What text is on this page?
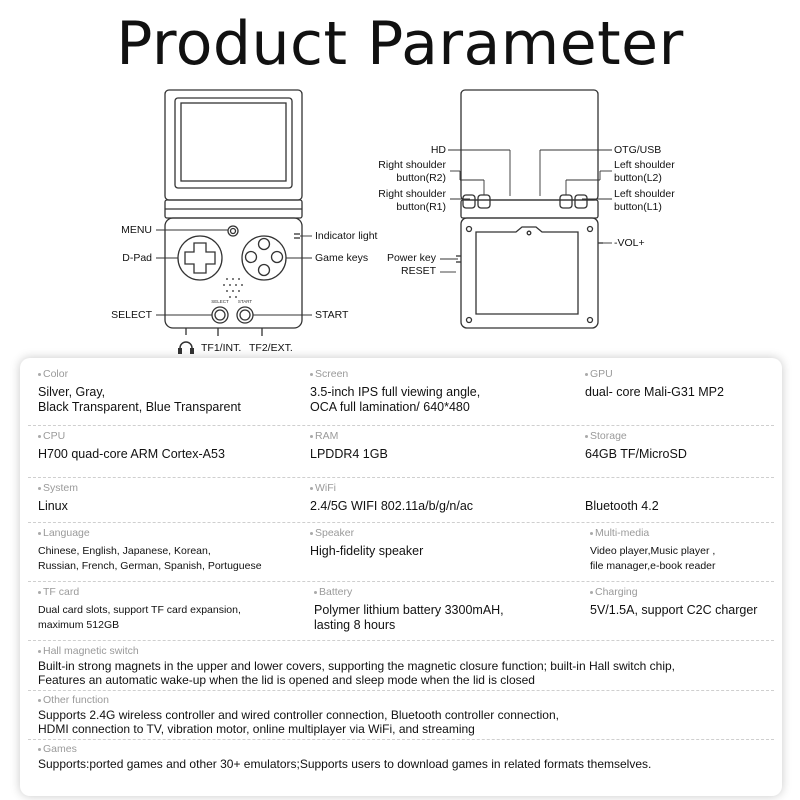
Product Parameter
SELECT START
MENU
D-Pad
SELECT
Indicator light
Game keys
START
TF1/INT. TF2/EXT.
HD	OTG/USB
Right shoulder
button(R2)
Right shoulder
button(R1)
Left shoulder
button(L2)
Left shoulder
button(L1)
-VOL+
Power key
RESET
Color
Silver, Gray,
Black Transparent, Blue Transparent
Screen
3.5-inch IPS full viewing angle,
OCA full lamination/ 640*480
GPU
dual- core Mali-G31 MP2
CPU
H700 quad-core ARM Cortex-A53
RAM
LPDDR4 1GB
Storage
64GB TF/MicroSD
System
Linux
WiFi
2.4/5G WIFI 802.11a/b/g/n/ac
	Bluetooth 4.2
Language
Chinese, English, Japanese, Korean,
Russian, French, German, Spanish, Portuguese
Speaker
High-fidelity speaker
Multi-media
Video player,Music player ,
file manager,e-book reader
TF card
Dual card slots, support TF card expansion,
maximum 512GB
Battery
Polymer lithium battery 3300mAH,
lasting 8 hours
Charging
5V/1.5A, support C2C charger
Hall magnetic switch
Built-in strong magnets in the upper and lower covers, supporting the magnetic closure function; built-in Hall switch chip,
Features an automatic wake-up when the lid is opened and sleep mode when the lid is closed
Other function
Supports 2.4G wireless controller and wired controller connection, Bluetooth controller connection,
HDMI connection to TV, vibration motor, online multiplayer via WiFi, and streaming
Games
Supports:ported games and other 30+ emulators;Supports users to download games in related formats themselves.
